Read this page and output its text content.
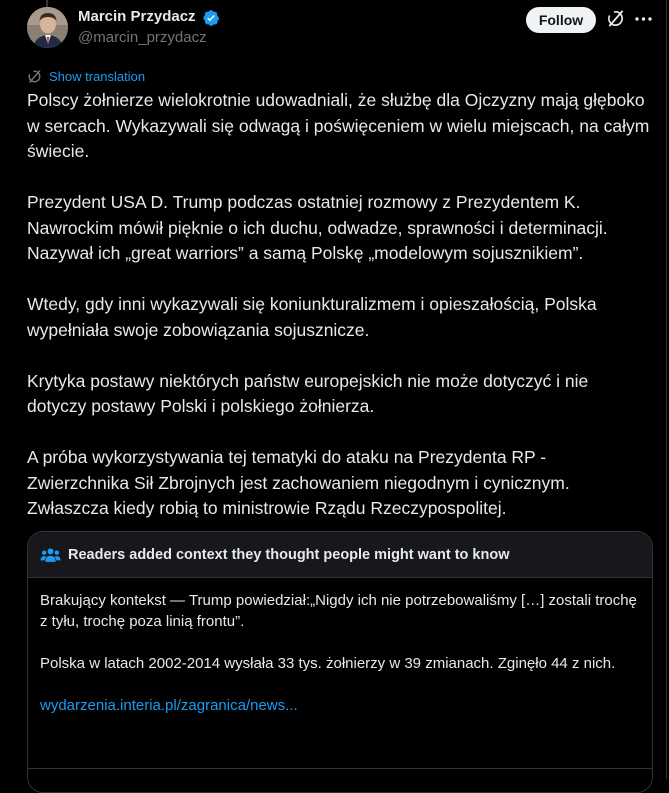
Marcin Przydacz
@marcin_przydacz
Follow
Show translation

Polscy żołnierze wielokrotnie udowadniali, że służbę dla Ojczyzny mają głęboko w sercach. Wykazywali się odwagą i poświęceniem w wielu miejscach, na całym świecie.

Prezydent USA D. Trump podczas ostatniej rozmowy z Prezydentem K. Nawrockim mówił pięknie o ich duchu, odwadze, sprawności i determinacji. Nazywał ich „great warriors” a samą Polskę „modelowym sojusznikiem”.

Wtedy, gdy inni wykazywali się koniunkturalizmem i opieszałością, Polska wypełniała swoje zobowiązania sojusznicze.

Krytyka postawy niektórych państw europejskich nie może dotyczyć i nie dotyczy postawy Polski i polskiego żołnierza.

A próba wykorzystywania tej tematyki do ataku na Prezydenta RP - Zwierzchnika Sił Zbrojnych jest zachowaniem niegodnym i cynicznym. Zwłaszcza kiedy robią to ministrowie Rządu Rzeczypospolitej.

Readers added context they thought people might want to know

Brakujący kontekst — Trump powiedział:„Nigdy ich nie potrzebowaliśmy […] zostali trochę z tyłu, trochę poza linią frontu”.

Polska w latach 2002-2014 wysłała 33 tys. żołnierzy w 39 zmianach. Zginęło 44 z nich.

wydarzenia.interia.pl/zagranica/news...
